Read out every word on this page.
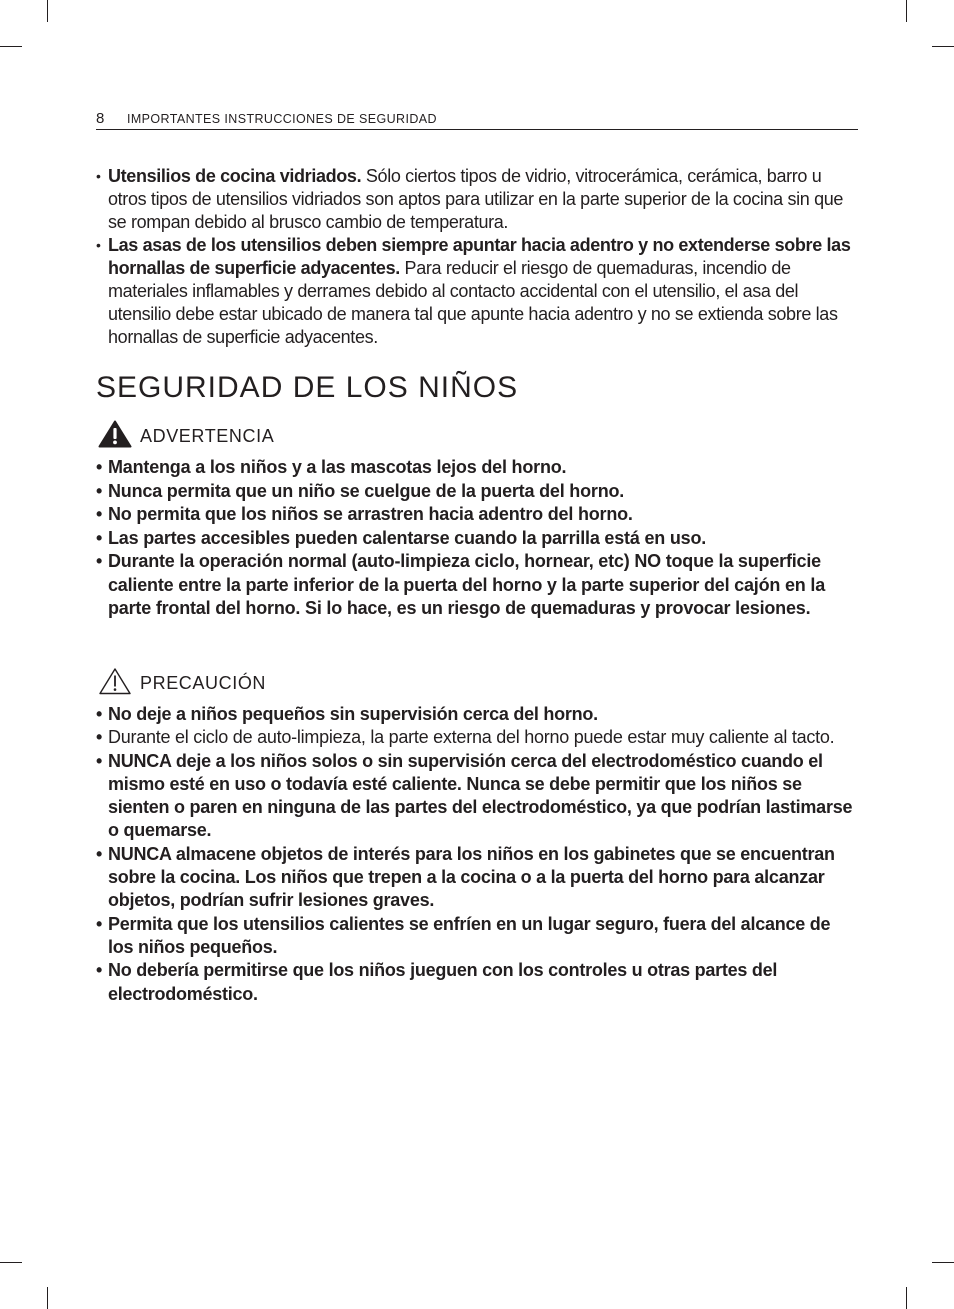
8 IMPORTANTES INSTRUCCIONES DE SEGURIDAD
• Utensilios de cocina vidriados. Sólo ciertos tipos de vidrio, vitrocerámica, cerámica, barro u otros tipos de utensilios vidriados son aptos para utilizar en la parte superior de la cocina sin que se rompan debido al brusco cambio de temperatura.
• Las asas de los utensilios deben siempre apuntar hacia adentro y no extenderse sobre las hornallas de superficie adyacentes. Para reducir el riesgo de quemaduras, incendio de materiales inflamables y derrames debido al contacto accidental con el utensilio, el asa del utensilio debe estar ubicado de manera tal que apunte hacia adentro y no se extienda sobre las hornallas de superficie adyacentes.
SEGURIDAD DE LOS NIÑOS
ADVERTENCIA
• Mantenga a los niños y a las mascotas lejos del horno.
• Nunca permita que un niño se cuelgue de la puerta del horno.
• No permita que los niños se arrastren hacia adentro del horno.
• Las partes accesibles pueden calentarse cuando la parrilla está en uso.
• Durante la operación normal (auto-limpieza ciclo, hornear, etc) NO toque la superficie caliente entre la parte inferior de la puerta del horno y la parte superior del cajón en la parte frontal del horno. Si lo hace, es un riesgo de quemaduras y provocar lesiones.
PRECAUCIÓN
• No deje a niños pequeños sin supervisión cerca del horno.
• Durante el ciclo de auto-limpieza, la parte externa del horno puede estar muy caliente al tacto.
• NUNCA deje a los niños solos o sin supervisión cerca del electrodoméstico cuando el mismo esté en uso o todavía esté caliente. Nunca se debe permitir que los niños se sienten o paren en ninguna de las partes del electrodoméstico, ya que podrían lastimarse o quemarse.
• NUNCA almacene objetos de interés para los niños en los gabinetes que se encuentran sobre la cocina. Los niños que trepen a la cocina o a la puerta del horno para alcanzar objetos, podrían sufrir lesiones graves.
• Permita que los utensilios calientes se enfríen en un lugar seguro, fuera del alcance de los niños pequeños.
• No debería permitirse que los niños jueguen con los controles u otras partes del electrodoméstico.
